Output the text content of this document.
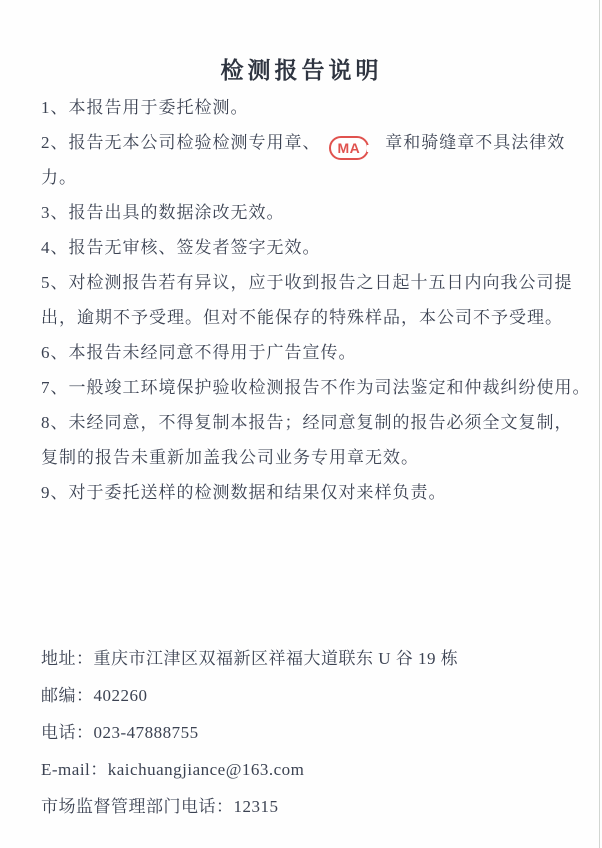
检测报告说明
1、本报告用于委托检测。
2、报告无本公司检验检测专用章、 MA 章和骑缝章不具法律效
力。
3、报告出具的数据涂改无效。
4、报告无审核、签发者签字无效。
5、对检测报告若有异议，应于收到报告之日起十五日内向我公司提
出，逾期不予受理。但对不能保存的特殊样品，本公司不予受理。
6、本报告未经同意不得用于广告宣传。
7、一般竣工环境保护验收检测报告不作为司法鉴定和仲裁纠纷使用。
8、未经同意，不得复制本报告；经同意复制的报告必须全文复制，
复制的报告未重新加盖我公司业务专用章无效。
9、对于委托送样的检测数据和结果仅对来样负责。
地址：重庆市江津区双福新区祥福大道联东 U 谷 19 栋
邮编：402260
电话：023-47888755
E-mail：kaichuangjiance@163.com
市场监督管理部门电话：12315
